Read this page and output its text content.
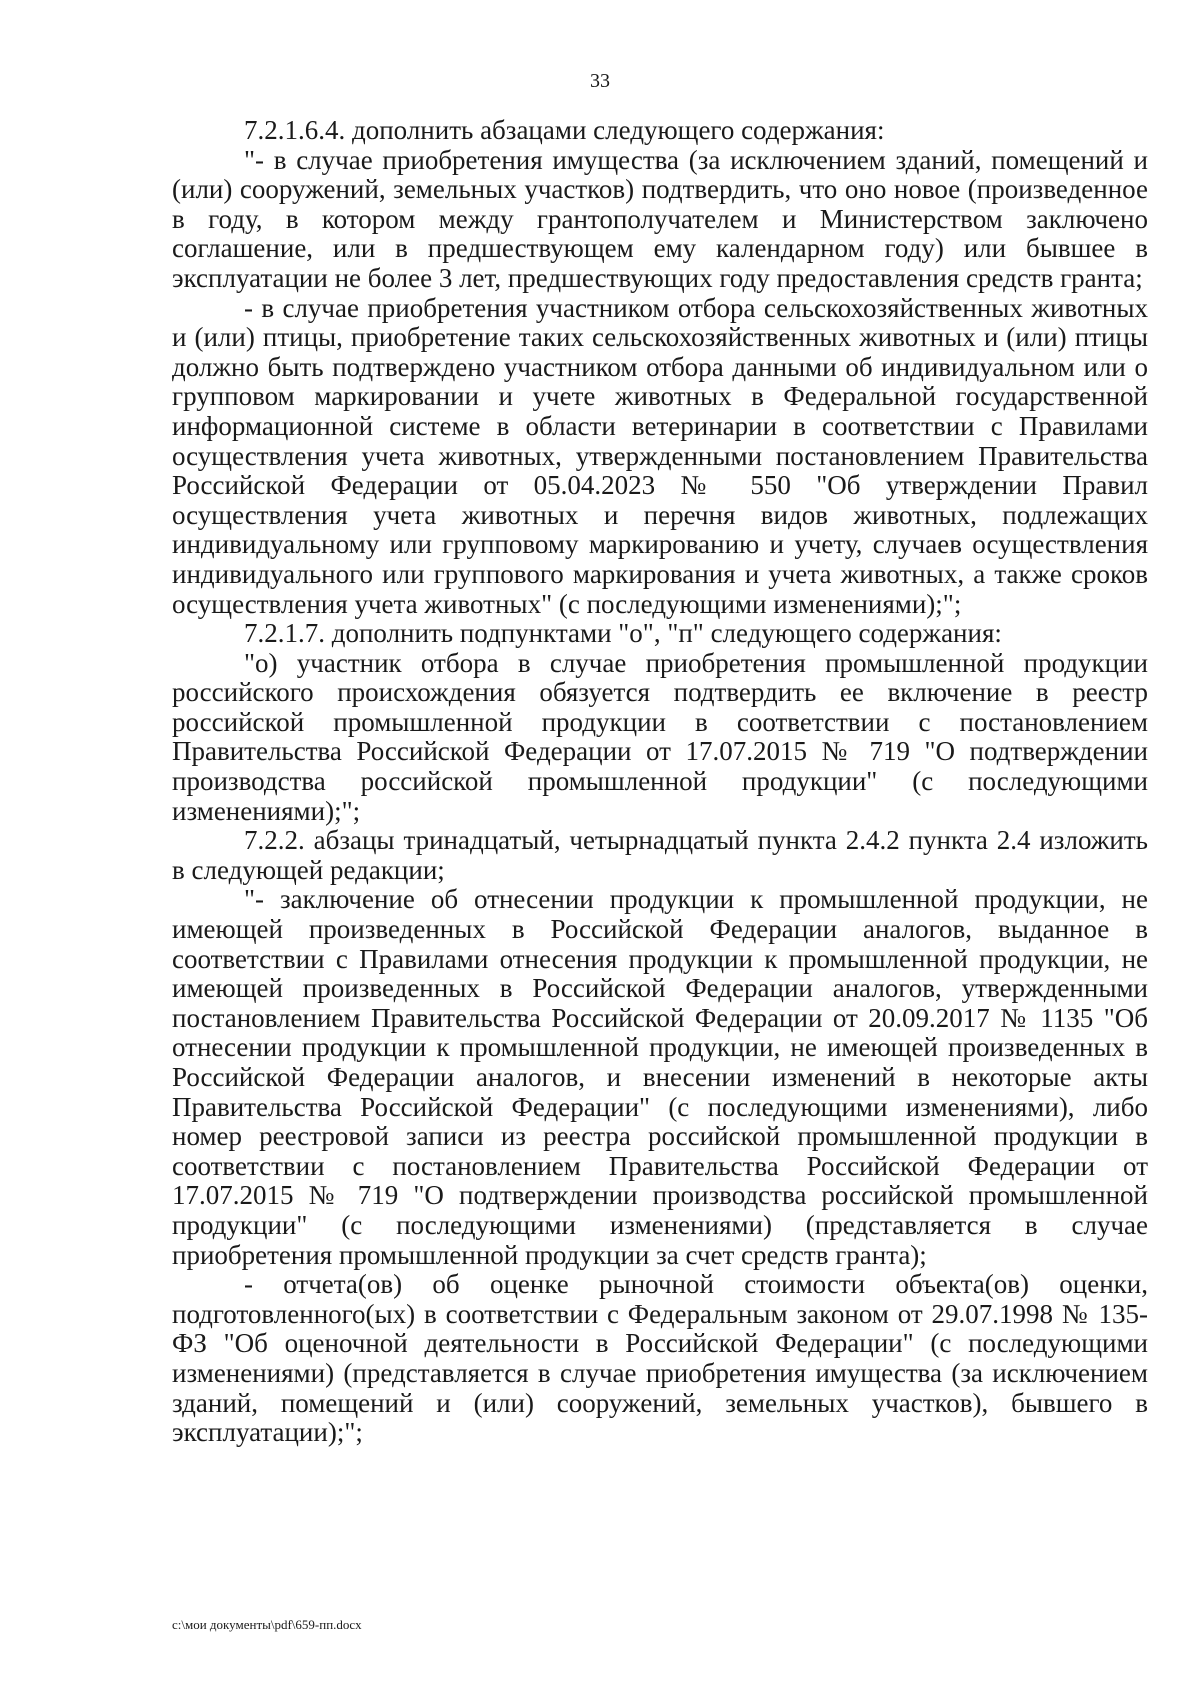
33

7.2.1.6.4. дополнить абзацами следующего содержания:

"- в случае приобретения имущества (за исключением зданий, помещений и (или) сооружений, земельных участков) подтвердить, что оно новое (произведенное в году, в котором между грантополучателем и Министерством заключено соглашение, или в предшествующем ему календарном году) или бывшее в эксплуатации не более 3 лет, предшествующих году предоставления средств гранта;

- в случае приобретения участником отбора сельскохозяйственных животных и (или) птицы, приобретение таких сельскохозяйственных животных и (или) птицы должно быть подтверждено участником отбора данными об индивидуальном или о групповом маркировании и учете животных в Федеральной государственной информационной системе в области ветеринарии в соответствии с Правилами осуществления учета животных, утвержденными постановлением Правительства Российской Федерации от 05.04.2023 № 550 "Об утверждении Правил осуществления учета животных и перечня видов животных, подлежащих индивидуальному или групповому маркированию и учету, случаев осуществления индивидуального или группового маркирования и учета животных, а также сроков осуществления учета животных" (с последующими изменениями);";

7.2.1.7. дополнить подпунктами "о", "п" следующего содержания:

"о) участник отбора в случае приобретения промышленной продукции российского происхождения обязуется подтвердить ее включение в реестр российской промышленной продукции в соответствии с постановлением Правительства Российской Федерации от 17.07.2015 № 719 "О подтверждении производства российской промышленной продукции" (с последующими изменениями);";

7.2.2. абзацы тринадцатый, четырнадцатый пункта 2.4.2 пункта 2.4 изложить в следующей редакции;

"- заключение об отнесении продукции к промышленной продукции, не имеющей произведенных в Российской Федерации аналогов, выданное в соответствии с Правилами отнесения продукции к промышленной продукции, не имеющей произведенных в Российской Федерации аналогов, утвержденными постановлением Правительства Российской Федерации от 20.09.2017 № 1135 "Об отнесении продукции к промышленной продукции, не имеющей произведенных в Российской Федерации аналогов, и внесении изменений в некоторые акты Правительства Российской Федерации" (с последующими изменениями), либо номер реестровой записи из реестра российской промышленной продукции в соответствии с постановлением Правительства Российской Федерации от 17.07.2015 № 719 "О подтверждении производства российской промышленной продукции" (с последующими изменениями) (представляется в случае приобретения промышленной продукции за счет средств гранта);

- отчета(ов) об оценке рыночной стоимости объекта(ов) оценки, подготовленного(ых) в соответствии с Федеральным законом от 29.07.1998 № 135-ФЗ "Об оценочной деятельности в Российской Федерации" (с последующими изменениями) (представляется в случае приобретения имущества (за исключением зданий, помещений и (или) сооружений, земельных участков), бывшего в эксплуатации);";

c:\мои документы\pdf\659-пп.docx
